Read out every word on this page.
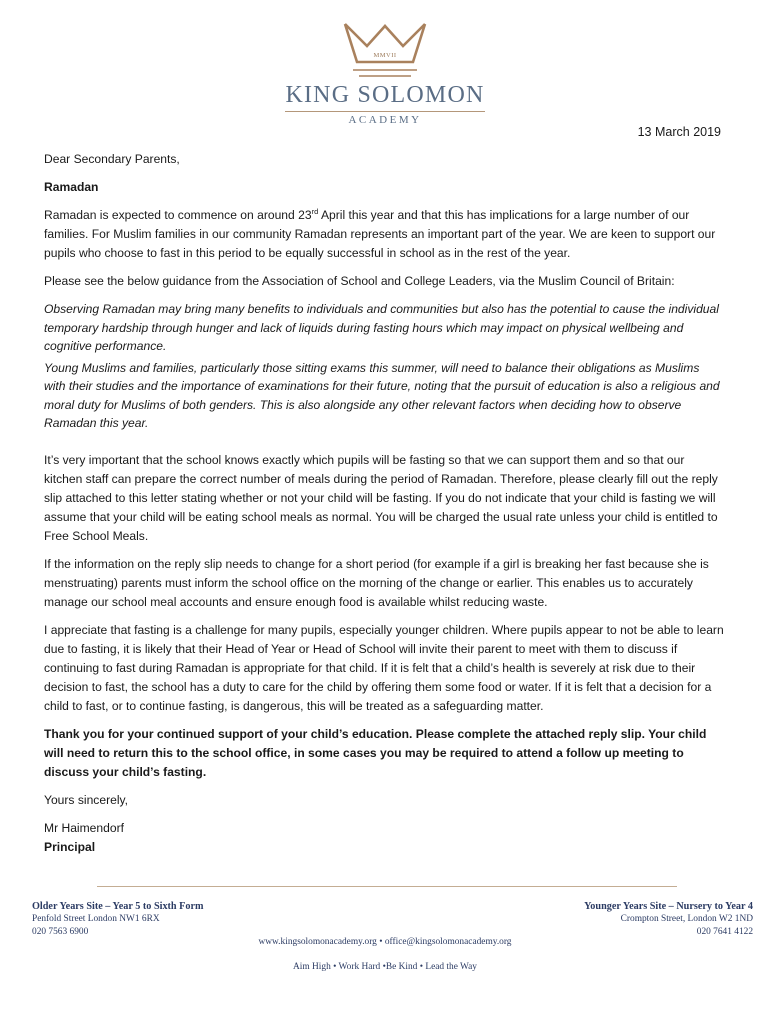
MMVII
KING SOLOMON
ACADEMY
13 March 2019

Dear Secondary Parents,

Ramadan

Ramadan is expected to commence on around 23rd April this year and that this has implications for a large number of our families. For Muslim families in our community Ramadan represents an important part of the year. We are keen to support our pupils who choose to fast in this period to be equally successful in school as in the rest of the year.

Please see the below guidance from the Association of School and College Leaders, via the Muslim Council of Britain:

Observing Ramadan may bring many benefits to individuals and communities but also has the potential to cause the individual temporary hardship through hunger and lack of liquids during fasting hours which may impact on physical wellbeing and cognitive performance.

Young Muslims and families, particularly those sitting exams this summer, will need to balance their obligations as Muslims with their studies and the importance of examinations for their future, noting that the pursuit of education is also a religious and moral duty for Muslims of both genders. This is also alongside any other relevant factors when deciding how to observe Ramadan this year.

It’s very important that the school knows exactly which pupils will be fasting so that we can support them and so that our kitchen staff can prepare the correct number of meals during the period of Ramadan. Therefore, please clearly fill out the reply slip attached to this letter stating whether or not your child will be fasting. If you do not indicate that your child is fasting we will assume that your child will be eating school meals as normal. You will be charged the usual rate unless your child is entitled to Free School Meals.

If the information on the reply slip needs to change for a short period (for example if a girl is breaking her fast because she is menstruating) parents must inform the school office on the morning of the change or earlier. This enables us to accurately manage our school meal accounts and ensure enough food is available whilst reducing waste.

I appreciate that fasting is a challenge for many pupils, especially younger children. Where pupils appear to not be able to learn due to fasting, it is likely that their Head of Year or Head of School will invite their parent to meet with them to discuss if continuing to fast during Ramadan is appropriate for that child. If it is felt that a child’s health is severely at risk due to their decision to fast, the school has a duty to care for the child by offering them some food or water. If it is felt that a decision for a child to fast, or to continue fasting, is dangerous, this will be treated as a safeguarding matter.

Thank you for your continued support of your child’s education. Please complete the attached reply slip. Your child will need to return this to the school office, in some cases you may be required to attend a follow up meeting to discuss your child’s fasting.

Yours sincerely,

Mr Haimendorf
Principal
Older Years Site – Year 5 to Sixth Form
Penfold Street London NW1 6RX
020 7563 6900
Younger Years Site – Nursery to Year 4
Crompton Street, London W2 1ND
020 7641 4122
www.kingsolomonacademy.org • office@kingsolomonacademy.org
Aim High • Work Hard •Be Kind • Lead the Way
